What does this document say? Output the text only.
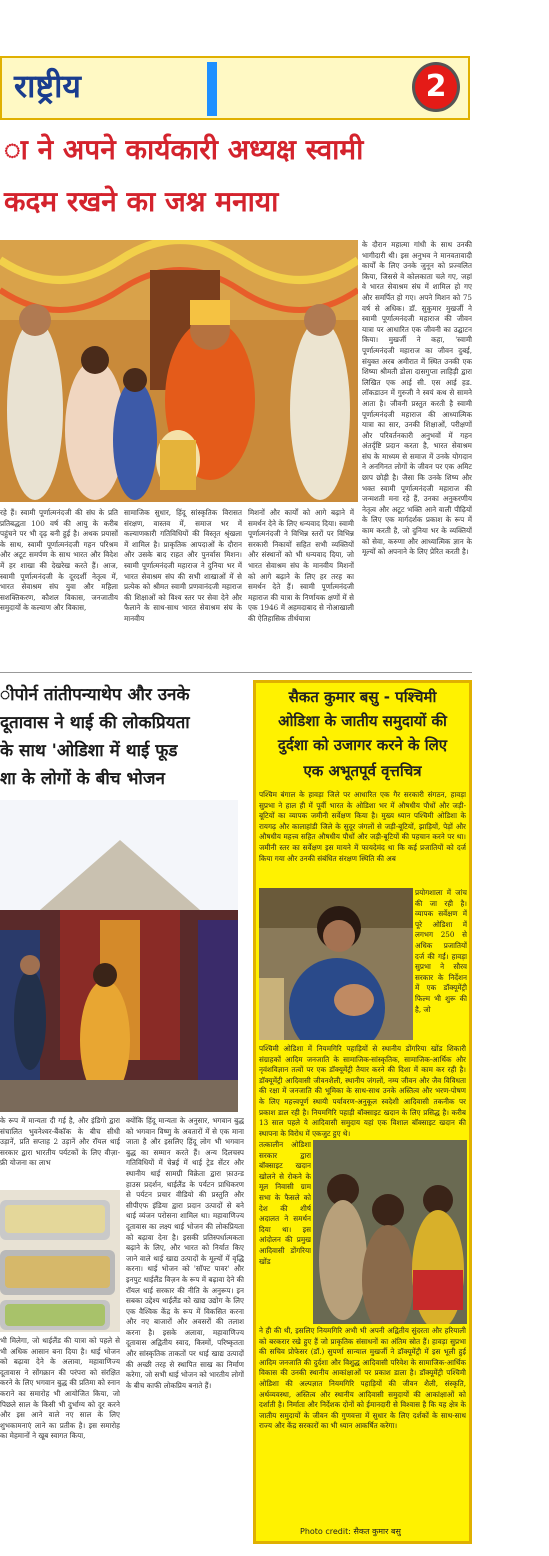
राष्ट्रीय	2
ा ने अपने कार्यकारी अध्यक्ष स्वामी
कदम रखने का जश्न मनाया
रहे हैं। स्वामी पूर्णात्मनंदजी की संघ के प्रति प्रतिबद्धता 100 वर्ष की आयु के करीब पहुंचने पर भी दृढ़ बनी हुई है। अथक प्रयासों के साथ, स्वामी पूर्णात्मनंदजी गहन परिश्रम और अटूट समर्पण के साथ भारत और विदेश में हर शाखा की देखरेख करते हैं। आज, स्वामी पूर्णात्मनंदजी के दूरदर्शी नेतृत्व में, भारत सेवाश्रम संघ युवा और महिला सशक्तिकरण, कौशल विकास, जनजातीय समुदायों के कल्याण और विकास,
सामाजिक सुधार, हिंदू सांस्कृतिक विरासत संरक्षण, वास्तव में, समाज भर में कल्याणकारी गतिविधियों की विस्तृत श्रृंखला में शामिल है। प्राकृतिक आपदाओं के दौरान और उसके बाद राहत और पुनर्वास मिशन। स्वामी पूर्णात्मनंदजी महाराज ने दुनिया भर में भारत सेवाश्रम संघ की सभी शाखाओं में से प्रत्येक को श्रीमत स्वामी प्रणवानंदजी महाराज की शिक्षाओं को विश्व स्तर पर सेवा देने और फैलाने के साथ-साथ भारत सेवाश्रम संघ के मानवीय
मिशनों और कार्यों को आगे बढ़ाने में समर्थन देने के लिए धन्यवाद दिया। स्वामी पूर्णात्मनंदजी ने विभिन्न स्तरों पर विभिन्न सरकारी निकायों सहित सभी व्यक्तियों और संस्थानों को भी धन्यवाद दिया, जो भारत सेवाश्रम संघ के मानवीय मिशनों को आगे बढ़ाने के लिए हर तरह का समर्थन देते हैं। स्वामी पूर्णात्मनंदजी महाराज की यात्रा के निर्णायक क्षणों में से एक 1946 में अहमदाबाद से नोआखाली की ऐतिहासिक तीर्थयात्रा
के दौरान महात्मा गांधी के साथ उनकी भागीदारी थी। इस अनुभव ने मानवतावादी कार्यों के लिए उनके जुनून को प्रज्वलित किया, जिससे वे कोलकाता चले गए, जहां वे भारत सेवाश्रम संघ में शामिल हो गए और समर्पित हो गए। अपने मिशन को 75 वर्ष से अधिक। डॉ. सुकुमार मुखर्जी ने स्वामी पूर्णात्मनंदजी महाराज की जीवन यात्रा पर आधारित एक जीवनी का उद्घाटन किया। मुखर्जी ने कहा, 'स्वामी पूर्णात्मनंदजी महाराज का जीवन दुबई, संयुक्त अरब अमीरात में स्थित उनकी एक शिष्या श्रीमती डोला दासगुप्ता लाहिड़ी द्वारा लिखित एक आई सी. एस आई हड. लॉकडाउन में गुरुजी ने स्वयं कथ से सामने आता है। जीवनी प्रस्तुत करती है स्वामी पूर्णात्मनंदजी महाराज की आध्यात्मिक यात्रा का सार, उनकी शिक्षाओं, परीक्षणों और परिवर्तनकारी अनुभवों में गहन अंतर्दृष्टि प्रदान करता है, भारत सेवाश्रम संघ के माध्यम से समाज में उनके योगदान ने अनगिनत लोगों के जीवन पर एक अमिट छाप छोड़ी है। जैसा कि उनके शिष्य और भक्त स्वामी पूर्णात्मनंदजी महाराज की जन्मशती मना रहे हैं, उनका अनुकरणीय नेतृत्व और अटूट भक्ति आने वाली पीढ़ियों के लिए एक मार्गदर्शक प्रकाश के रूप में काम करती है, जो दुनिया भर के व्यक्तियों को सेवा, करुणा और आध्यात्मिक ज्ञान के मूल्यों को अपनाने के लिए प्रेरित करती है।
ीपोर्न तांतीपन्याथेप और उनके
दूतावास ने थाई की लोकप्रियता
के साथ 'ओडिशा में थाई फूड
शा के लोगों के बीच भोजन
के रूप में मान्यता दी गई है, और इंडिगो द्वारा संचालित भुवनेश्वर-बैंकॉक के बीच सीधी उड़ानें, प्रति सप्ताह 2 उड़ानें और रॉयल थाई सरकार द्वारा भारतीय पर्यटकों के लिए वीज़ा-फ्री योजना का लाभ
भी मिलेगा, जो थाईलैंड की यात्रा को पहले से भी अधिक आसान बना दिया है। थाई भोजन को बढ़ावा देने के अलावा, महावाणिज्य दूतावास ने सोंगक्रान की परंपरा को संरक्षित करने के लिए भगवान बुद्ध की प्रतिमा को स्नान कराने का समारोह भी आयोजित किया, जो पिछले साल के किसी भी दुर्भाग्य को दूर करने और इस आने वाले नए साल के लिए शुभकामनाएं लाने का प्रतीक है। इस समारोह का मेहमानों ने खूब स्वागत किया,
क्योंकि हिंदू मान्यता के अनुसार, भगवान बुद्ध को भगवान विष्णु के अवतारों में से एक माना जाता है और इसलिए हिंदू लोग भी भगवान बुद्ध का सम्मान करते हैं। अन्य दिलचस्प गतिविधियों में चेन्नई में थाई ट्रेड सेंटर और स्थानीय थाई सामग्री विक्रेता द्वारा फ़ाउन्ड हाउस प्रदर्शन, थाईलैंड के पर्यटन प्राधिकरण से पर्यटन प्रचार वीडियो की प्रस्तुति और सीपीएफ इंडिया द्वारा प्रदान उत्पादों से बने थाई व्यंजन परोसना शामिल था। महावाणिज्य दूतावास का लक्ष्य थाई भोजन की लोकप्रियता को बढ़ावा देना है। इसकी प्रतिस्पर्धात्मकता बढ़ाने के लिए, और भारत को निर्यात किए जाने वाले थाई खाद्य उत्पादों के मूल्यों में वृद्धि करना। थाई भोजन को 'सॉफ्ट पावर' और इनपुट थाईलैंड विज़न के रूप में बढ़ावा देने की रॉयल थाई सरकार की नीति के अनुरूप। इन सबका उद्देश्य थाईलैंड को खाद्य उद्योग के लिए एक वैश्विक केंद्र के रूप में विकसित करना और नए बाजारों और अवसरों की तलाश करना है। इसके अलावा, महावाणिज्य दूतावास अद्वितीय स्वाद, किस्मों, परिष्कृतता और सांस्कृतिक ताकतों पर थाई खाद्य उत्पादों की अच्छी तरह से स्थापित साख का निर्माण करेगा, जो सभी थाई भोजन को भारतीय लोगों के बीच काफी लोकप्रिय बनाते हैं।
सैकत कुमार बसु - पश्चिमी
ओडिशा के जातीय समुदायों की
दुर्दशा को उजागर करने के लिए
एक अभूतपूर्व वृत्तचित्र
पश्चिम बंगाल के हावड़ा जिले पर आधारित एक गैर सरकारी संगठन, हावड़ा सुप्रभा ने हाल ही में पूर्वी भारत के ओडिशा भर में औषधीय पौधों और जड़ी-बूटियों का व्यापक जमीनी सर्वेक्षण किया है। मुख्य ध्यान पश्चिमी ओडिशा के रायगढ़ और कालाहांडी जिले के सुदूर जंगलों से जड़ी-बूटियों, झाड़ियों, पेड़ों और औषधीय महत्त्व सहित औषधीय पौधों और जड़ी-बूटियों की पहचान करने पर था। जमीनी स्तर का सर्वेक्षण इस मायने में फायदेमंद था कि कई प्रजातियों को दर्ज किया गया और उनकी संबंधित संरक्षण स्थिति की अब
प्रयोगशाला में जांच की जा रही है। व्यापक सर्वेक्षण में पूरे ओडिशा में लगभग 250 से अधिक प्रजातियों दर्ज की गईं। हावड़ा सुप्रभा ने सौरव सरकार के निर्देशन में एक डॉक्यूमेंट्री फिल्म भी शुरू की है, जो
पश्चिमी ओडिशा में नियमगिरि पहाड़ियों से स्थानीय डोंगरिया खोंड शिकारी संग्राहकों आदिम जनजाति के सामाजिक-सांस्कृतिक, सामाजिक-आर्थिक और नृवंशविज्ञान तत्वों पर एक डॉक्यूमेंट्री तैयार करने की दिशा में काम कर रही है। डॉक्यूमेंट्री आदिवासी जीवनशैली, स्थानीय जंगलों, नम्य जीवन और जैव विविधता की रक्षा में जनजाति की भूमिका के साथ-साथ उनके अस्तित्व और भरण-पोषण के लिए महत्त्वपूर्ण स्थायी पर्यावरण-अनुकूल स्वदेशी आदिवासी तकनीक पर प्रकाश डाल रही है। नियमगिरि पहाड़ी बॉक्साइट खदान के लिए प्रसिद्ध है। करीब 13 साल पहले ये आदिवासी समुदाय यहां एक विशाल बॉक्साइट खदान की स्थापना के विरोध में एकजुट हुए थे।
तत्कालीन ओडिशा सरकार द्वारा बॉक्साइट खदान खोलने से रोकने के मूल निवासी ग्राम सभा के फैसले को देश की शीर्ष अदालत ने समर्थन दिया था। इस आंदोलन की प्रमुख आदिवासी डोंगरिया खोंड
ने ही की थी, इसलिए नियमगिरि अभी भी अपनी अद्वितीय सुंदरता और हरियाली को बरकरार रखे हुए हैं जो प्राकृतिक संसाधनों का अंतिम स्रोत हैं। हावड़ा सुप्रभा की सचिव प्रोफेसर (डॉ.) सुपर्णा सान्याल मुखर्जी ने डॉक्यूमेंट्री में इस भूली हुई आदिम जनजाति की दुर्दशा और विशुद्ध आदिवासी परिवेश के सामाजिक-आर्थिक विकास की उनकी स्थानीय आकांक्षाओं पर प्रकाश डाला है। डॉक्यूमेंट्री पश्चिमी ओडिशा की अल्पज्ञात नियमगिरि पहाड़ियों की जीवन शैली, संस्कृति, अर्थव्यवस्था, अस्तित्व और स्थानीय आदिवासी समुदायों की आकांक्षाओं को दर्शाती है। निर्माता और निर्देशक दोनों को ईमानदारी से विश्वास है कि यह क्षेत्र के जातीय समुदायों के जीवन की गुणवत्ता में सुधार के लिए दर्शकों के साथ-साथ राज्य और केंद्र सरकारों का भी ध्यान आकर्षित करेगा।
Photo credit: सैकत कुमार बसु
